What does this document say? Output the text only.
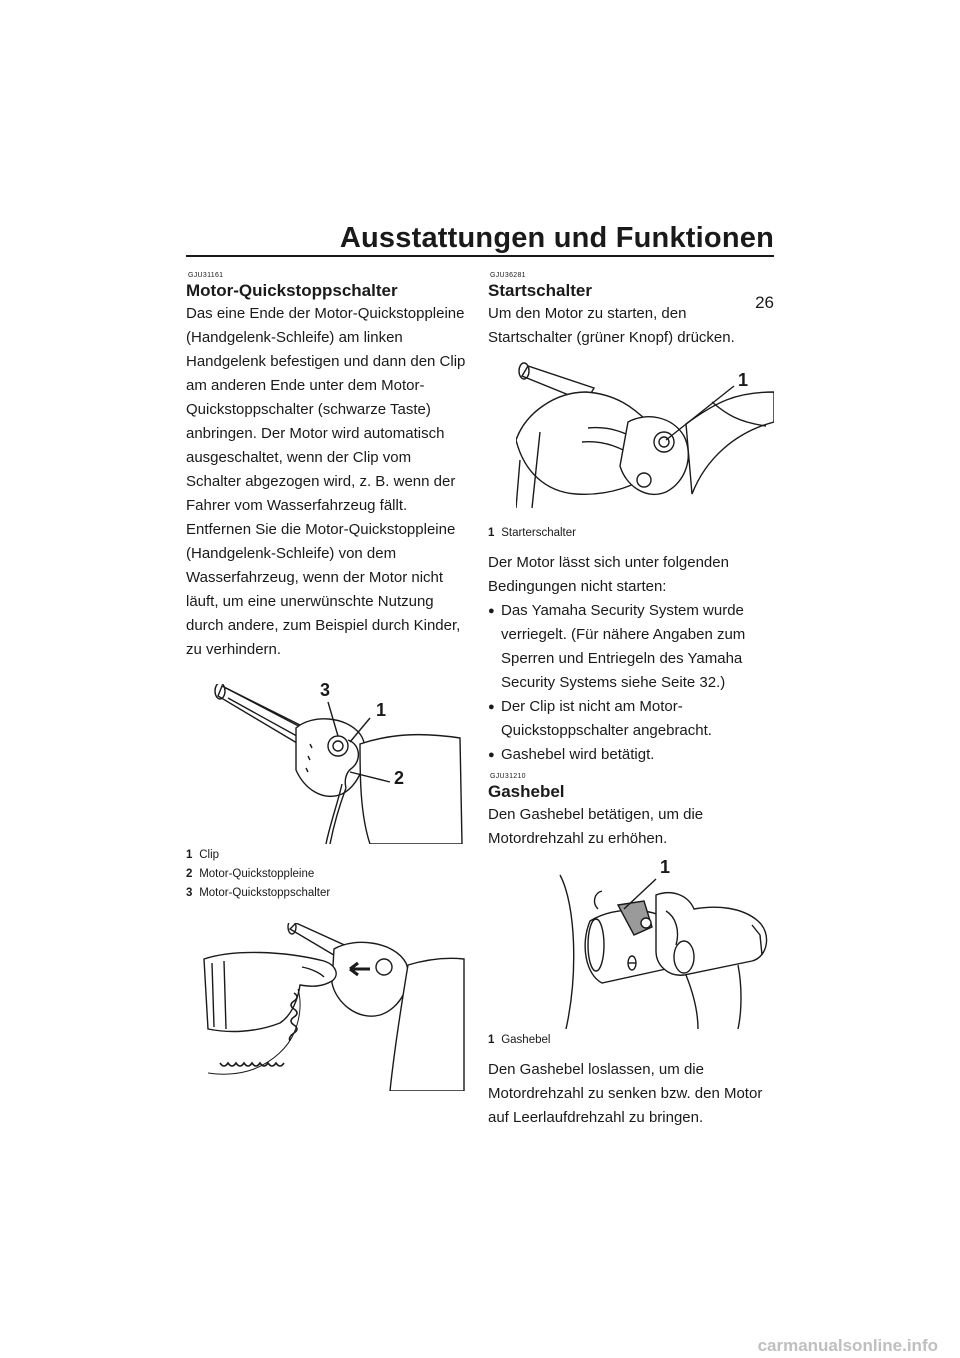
Ausstattungen und Funktionen
26
GJU31161
Motor-Quickstoppschalter

Das eine Ende der Motor-Quickstoppleine (Handgelenk-Schleife) am linken Handgelenk befestigen und dann den Clip am anderen Ende unter dem Motor-Quickstoppschalter (schwarze Taste) anbringen. Der Motor wird automatisch ausgeschaltet, wenn der Clip vom Schalter abgezogen wird, z. B. wenn der Fahrer vom Wasserfahrzeug fällt. Entfernen Sie die Motor-Quickstoppleine (Handgelenk-Schleife) von dem Wasserfahrzeug, wenn der Motor nicht läuft, um eine unerwünschte Nutzung durch andere, zum Beispiel durch Kinder, zu verhindern.

3
1
2
1 Clip
2 Motor-Quickstoppleine
3 Motor-Quickstoppschalter
GJU36281
Startschalter

Um den Motor zu starten, den Startschalter (grüner Knopf) drücken.

1
1 Starterschalter

Der Motor lässt sich unter folgenden Bedingungen nicht starten:

● Das Yamaha Security System wurde verriegelt. (Für nähere Angaben zum Sperren und Entriegeln des Yamaha Security Systems siehe Seite 32.)
● Der Clip ist nicht am Motor-Quickstoppschalter angebracht.
● Gashebel wird betätigt.
GJU31210
Gashebel

Den Gashebel betätigen, um die Motordrehzahl zu erhöhen.

1
1 Gashebel

Den Gashebel loslassen, um die Motordrehzahl zu senken bzw. den Motor auf Leerlaufdrehzahl zu bringen.

carmanualsonline.info
